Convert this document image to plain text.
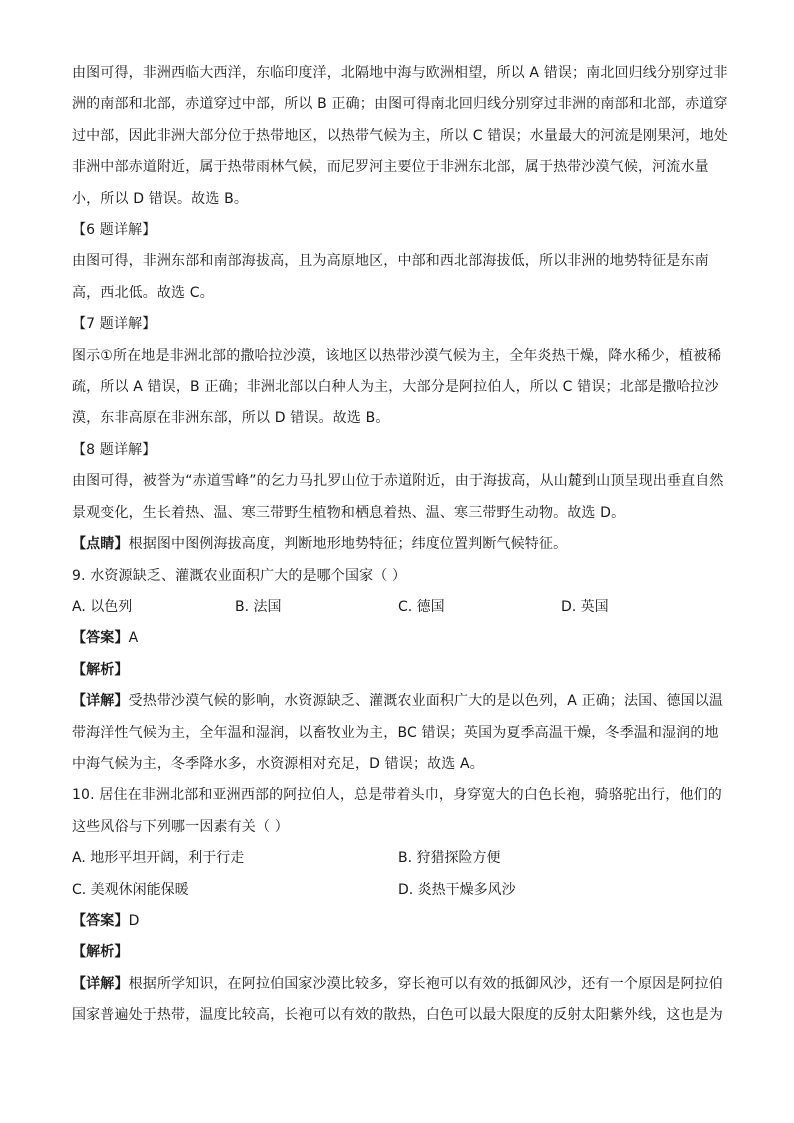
由图可得，非洲西临大西洋，东临印度洋，北隔地中海与欧洲相望，所以 A 错误；南北回归线分别穿过非
洲的南部和北部，赤道穿过中部，所以 B 正确；由图可得南北回归线分别穿过非洲的南部和北部，赤道穿
过中部，因此非洲大部分位于热带地区，以热带气候为主，所以 C 错误；水量最大的河流是刚果河，地处
非洲中部赤道附近，属于热带雨林气候，而尼罗河主要位于非洲东北部，属于热带沙漠气候，河流水量
小，所以 D 错误。故选 B。
【6 题详解】
由图可得，非洲东部和南部海拔高，且为高原地区，中部和西北部海拔低，所以非洲的地势特征是东南
高，西北低。故选 C。
【7 题详解】
图示①所在地是非洲北部的撒哈拉沙漠，该地区以热带沙漠气候为主，全年炎热干燥，降水稀少，植被稀
疏，所以 A 错误，B 正确；非洲北部以白种人为主，大部分是阿拉伯人，所以 C 错误；北部是撒哈拉沙
漠，东非高原在非洲东部，所以 D 错误。故选 B。
【8 题详解】
由图可得，被誉为“赤道雪峰”的乞力马扎罗山位于赤道附近，由于海拔高，从山麓到山顶呈现出垂直自然
景观变化，生长着热、温、寒三带野生植物和栖息着热、温、寒三带野生动物。故选 D。
【点睛】根据图中图例海拔高度，判断地形地势特征；纬度位置判断气候特征。
9. 水资源缺乏、灌溉农业面积广大的是哪个国家（ ）
A. 以色列	B. 法国	C. 德国	D. 英国
【答案】A
【解析】
【详解】受热带沙漠气候的影响，水资源缺乏、灌溉农业面积广大的是以色列，A 正确；法国、德国以温
带海洋性气候为主，全年温和湿润，以畜牧业为主，BC 错误；英国为夏季高温干燥，冬季温和湿润的地
中海气候为主，冬季降水多，水资源相对充足，D 错误；故选 A。
10. 居住在非洲北部和亚洲西部的阿拉伯人，总是带着头巾，身穿宽大的白色长袍，骑骆驼出行，他们的
这些风俗与下列哪一因素有关（ ）
A. 地形平坦开阔，利于行走	B. 狩猎探险方便
C. 美观休闲能保暖	D. 炎热干燥多风沙
【答案】D
【解析】
【详解】根据所学知识，在阿拉伯国家沙漠比较多，穿长袍可以有效的抵御风沙，还有一个原因是阿拉伯
国家普遍处于热带，温度比较高，长袍可以有效的散热，白色可以最大限度的反射太阳紫外线，这也是为
